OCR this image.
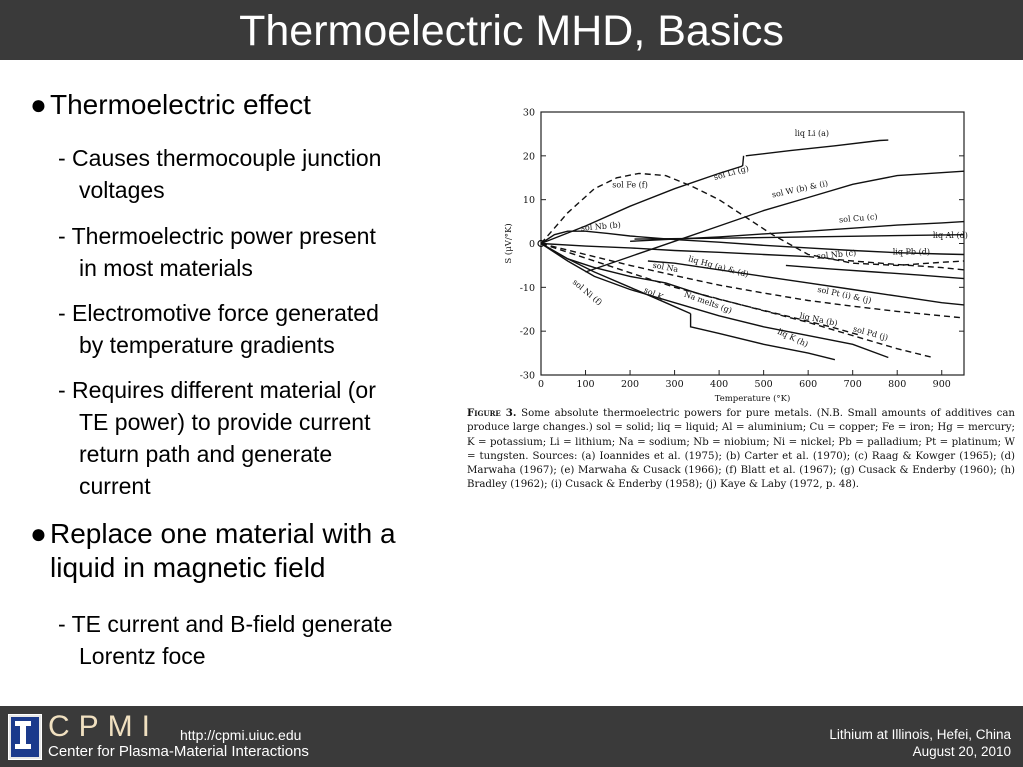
Thermoelectric MHD, Basics
● Thermoelectric effect
- Causes thermocouple junction
voltages
- Thermoelectric power present
in most materials
- Electromotive force generated
by temperature gradients
- Requires different material (or
TE power) to provide current
return path and generate
current
● Replace one material with a
liquid in magnetic field
- TE current and B-field generate
Lorentz foce
30
20
10
0
-10
-20
-30
0	100	200	300	400	500	600	700	800	900
Temperature (°K)
S (μV/°K)
liq Li (a)
sol Li (g)
sol Fe (f)	sol W (b) & (i)
sol Cu (c)
liq Al (d)
sol Nb (b)
liq Pb (d)
sol Nb (c)
liq Hg (a) & (d)
sol Na
liq Na (b)
sol Pt (i) & (j)
sol Pd (j)
sol Ni (f)	sol K
liq K (h)
Na melts (g)
Figure 3. Some absolute thermoelectric powers for pure metals. (N.B. Small amounts of additives can produce large changes.) sol = solid; liq = liquid; Al = aluminium; Cu = copper; Fe = iron; Hg = mercury; K = potassium; Li = lithium; Na = sodium; Nb = niobium; Ni = nickel; Pb = palladium; Pt = platinum; W = tungsten. Sources: (a) Ioannides et al. (1975); (b) Carter et al. (1970); (c) Raag & Kowger (1965); (d) Marwaha (1967); (e) Marwaha & Cusack (1966); (f) Blatt et al. (1967); (g) Cusack & Enderby (1960); (h) Bradley (1962); (i) Cusack & Enderby (1958); (j) Kaye & Laby (1972, p. 48).
CPMI
Center for Plasma-Material Interactions
http://cpmi.uiuc.edu	Lithium at Illinois, Hefei, China
August 20, 2010
